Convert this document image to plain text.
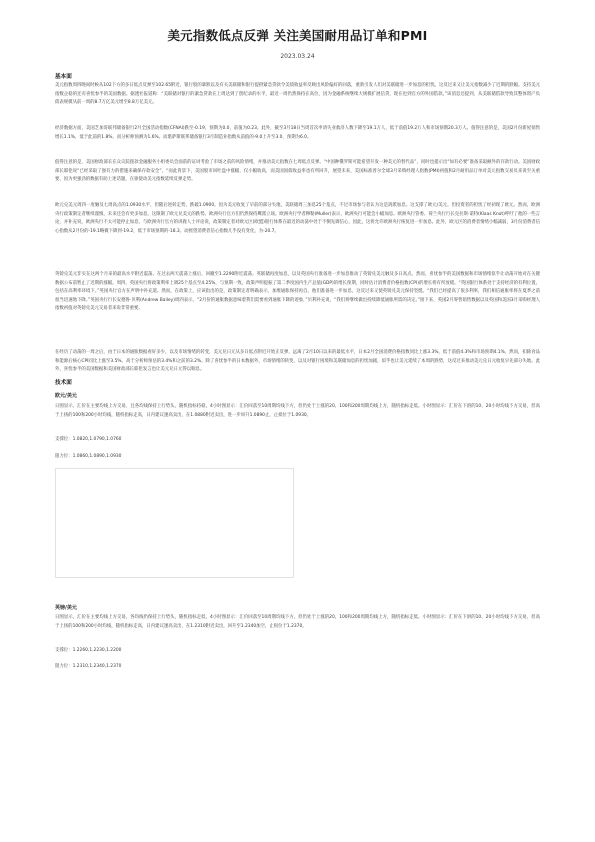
美元指数低点反弹 关注美国耐用品订单和PMI
2023.03.24
基本面

美元指数周四晚间时候从102下方的多日低点反弹至102.65附近，银行股的暴跌以及有关美联储和银行提供紧急贷款令美债收益率反映出风险偏好的回落，重新引发人们对美联储进一步加息的担忧。这反过来又让美元指数减少了近期的跌幅。支持美元指数企稳的还有喜忧参半的美国数据。据透社报道称：“美联储对银行的紧急贷款在上周达到了创纪录的水平，最近一周仍然保持在高位，因为金融系统继续大规模扩展信贷，现在也到官方的外国借款。”该消息还提到，从美联储借款导致其整体资产负债表规模从前一周的8.7万亿美元增至8.8万亿美元。

经济数据方面，美国芝加哥联邦储备银行2月全国活动指数(CFNAI)跌至-0.19，预期为0.0，前值为0.23。此外，截至3月18日当周首次申请失业救济人数下降至19.1万人，低于前值19.2万人和市场预期20.3万人。值得注意的是，美国2月份新屋销售增长1.1%，低于此前的1.8%，而分析师预测为1.6%。而堪萨斯联邦储备银行3月制造业指数从前值的-9.0上升至3.0，预期为6.0。

值得注意的是，美国财政部长在众议院拨款金融服务小组委员会面前的证词考验了市场之前的风险情绪，并推动美元指数在七周低点反弹。“中国种俄罗斯可能希望开发一种美元的替代品”，同时也提示出“如有必要”准备采取额外的存款行动。美国财政部长耶伦说“已经采取了强有力的措施来确保存款安全”，“而此背景下，美国股市回吐盘中涨幅，仅小幅收高，而美国国债收益率也有所回升，展望未来，美国标准普尔全球3月采购经理人指数(PMI)初值和2月耐用品订单对美元指数交易员来说至关重要，因为更强劲的数据有助上述话题，在驱使动美元指数延续反弹走势。

欧元兑美元周四一度触及七周高点的1.0930水平，但随后逆转走势，跌破1.0900。因为美元收复了早前的部分失地，美联储周三加息25个基点，不过市场参与者认为这是鸽派加息。这支撑了欧元/美元。但投资者的担忧了经初现了欧元。然而，欧洲央行政策制定者继续谨慎，未来还会有更多加息，这限制了欧元兑美元的跌势。欧洲央行官方们仍然保持鹰派立场。欧洲央行学者穆勒(Muller)表示，欧洲央行可能会小幅加息。欧洲央行管委、荷兰央行行长克拉斯·诺特(Klaas Knot)呼吁了他的一些言论，并补充说，欧洲央行不太可能停止加息，与欧洲央行官方的讲鹿人士评论说，政策制定者对欧元区(欧盟)银行体系在最近的动荡中处于不倒先调信心，因此，这将允许欧洲央行恢复进一步加息。此外，欧元区的消费者情绪小幅减弱，3月份消费者信心指数从2月份的-19.1略微下降到-19.2，低于市场预期的-18.3。动摇望消费者信心指数几乎没有变化，为-20.7。

英镑兑美元非实在这两个月来的最高水平附近震荡。在过去两天震荡上涨后，回撤至1.2290附近震荡。英联储再度加息，以及英国央行准备进一步加息推动了英镑兑美元触及多日高点。然而，喜忧参半的美国数据和市场情绪似乎让动荡开始对在关键数据公布前暂止了近期的涨幅。周四，英国央行将政策利率上调25个基点至4.25%，与预期一致，政策声明提振了第二季度国内生产总值(GDP)的增长预期，同时估计消费者价格指数(CPI)的增长将有所放缓。“英国银行体系处于支持经济的有利位置，包括在高利率环境下。”英国央行官方在声明中补充道。然而，在政策上，应该指出的是，政策制定者明确表示，加堆通胀保持再自。他们准备进一步加息，这反过来又使英镑兑美元保持坚挺。“我们已经提高了很多利率，我们相信通胀率将在夏季之前很当迅速地下降。”英国央行行长安德鲁·贝利(Andrew Bailey)周四表示，“2月份的通胀数据意味着我们需要看到通胀下降的迹象，”贝利补充说，“我们将继续做出持续降低通胀所需的决定。”接下来，英国2月零售销售数据以及英国和美国3月采购经理人指数初值对英镑兑美元交易者来说非常重要。

在经历了动荡的一周之后，由于日本的通胀数据看好多少，以及市场情绪的转变，美元兑日元从多日低点附近开始正反弹，远离了2月10日以来的最低水平，日本2月全国消费价格指数同比上涨3.3%，低于前值4.3%和市场预期4.1%，然而，扣除食品和能源后核心CPI同比上涨至3.5%，高于分析师预估的3.4%和之前的3.2%。除了喜忧参半的日本数据外，市场情绪的转变，以及对银行困境和美联储加息的担忧加剧，似乎也让美元延续了本周的跌势，这反过来推动美元兑日元收复早先部分失地。此外，喜忧参半的美国数据和美国财政部长耶伦发言也让美元兑日元得以喘息。

技术面
欧元/美元

日图显示，汇价在主要均线上方交易，且各均线保持上行势头，随机指标持稳，4小时图显示：汇价回落至10周期均线下方，但仍处于上涨的20、100和200周期均线上方，随机指标走低。小时图显示：汇价在下滑的10、20小时均线下方交易，但高于上扬的100和200小时均线，随机指标走高，日内建议逢高卖出，在1.0880附近卖出，进一步回升1.0890止，止损位于1.0930。

支撑位：1.0820,1.0790,1.0760
阻力位：1.0860,1.0890,1.0930
英镑/美元

日图显示，汇价在主要均线上方交易，各均线仍保持上行势头，随机指标走低，4小时图显示：汇价回落至10周期均线下方，但仍处于上涨的20、100和200周期均线上方，随机指标走低。小时图显示：汇价在下滑的10、20小时均线下方交易，但高于上扬的100和200小时均线，随机指标走高，日内建议逢高卖出，在1.2310附近卖出，回升至1.2340加空，止损位于1.2370。

支撑位：1.2260,1.2230,1.2200
阻力位：1.2310,1.2340,1.2370
